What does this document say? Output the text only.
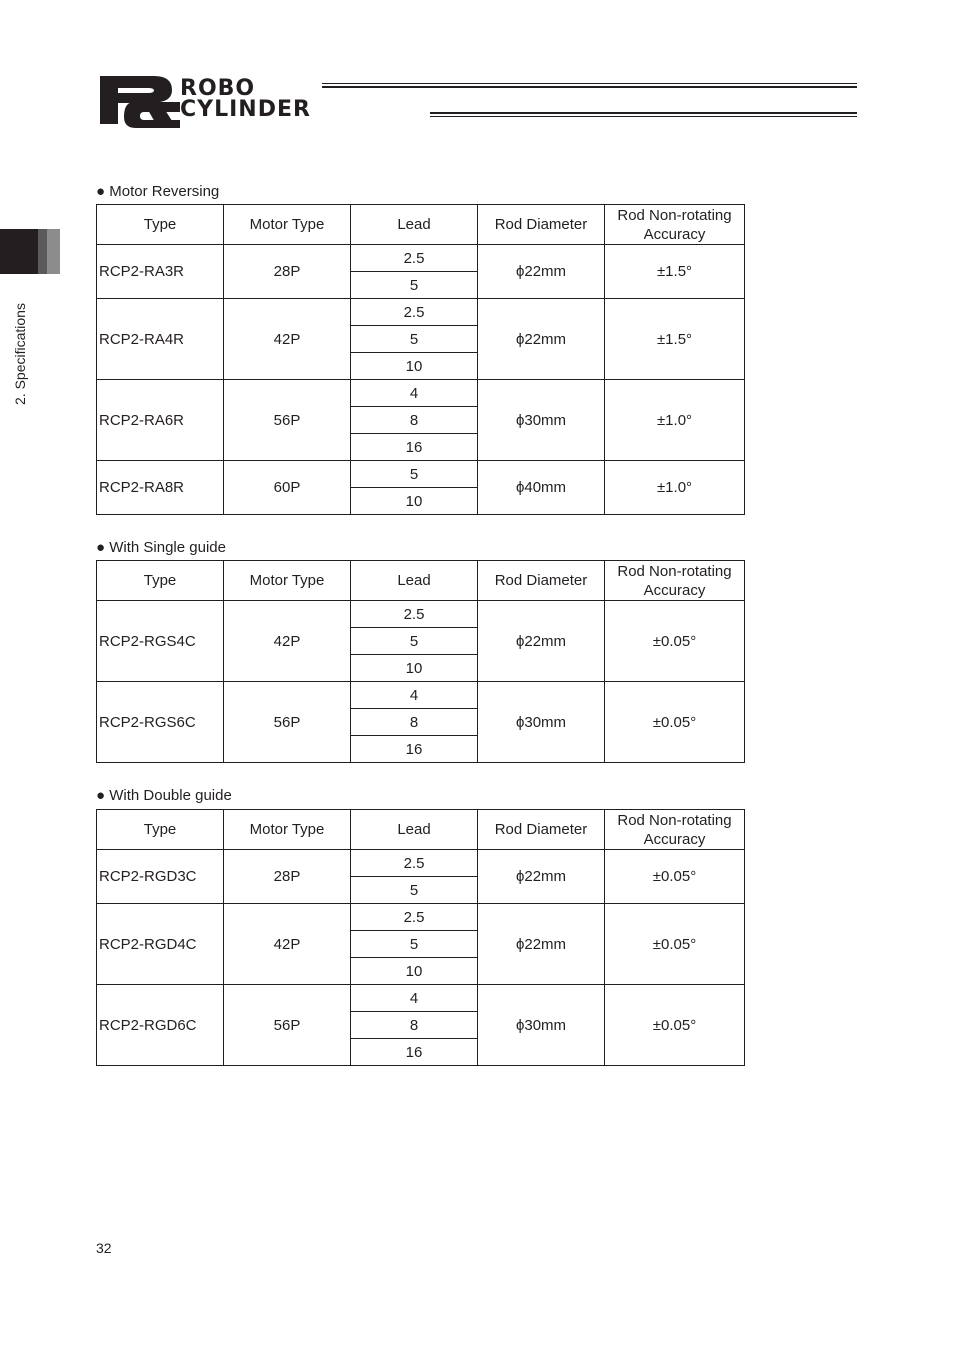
ROBO
CYLINDER
2. Specifications
● Motor Reversing
Type	Motor Type	Lead	Rod Diameter	Rod Non-rotating Accuracy
RCP2-RA3R	28P	2.5	ϕ22mm	±1.5°
		5		
RCP2-RA4R	42P	2.5	ϕ22mm	±1.5°
		5		
		10		
RCP2-RA6R	56P	4	ϕ30mm	±1.0°
		8		
		16		
RCP2-RA8R	60P	5	ϕ40mm	±1.0°
		10		
● With Single guide
Type	Motor Type	Lead	Rod Diameter	Rod Non-rotating Accuracy
RCP2-RGS4C	42P	2.5	ϕ22mm	±0.05°
		5		
		10		
RCP2-RGS6C	56P	4	ϕ30mm	±0.05°
		8		
		16		
● With Double guide
Type	Motor Type	Lead	Rod Diameter	Rod Non-rotating Accuracy
RCP2-RGD3C	28P	2.5	ϕ22mm	±0.05°
		5		
RCP2-RGD4C	42P	2.5	ϕ22mm	±0.05°
		5		
		10		
RCP2-RGD6C	56P	4	ϕ30mm	±0.05°
		8		
		16		
32
